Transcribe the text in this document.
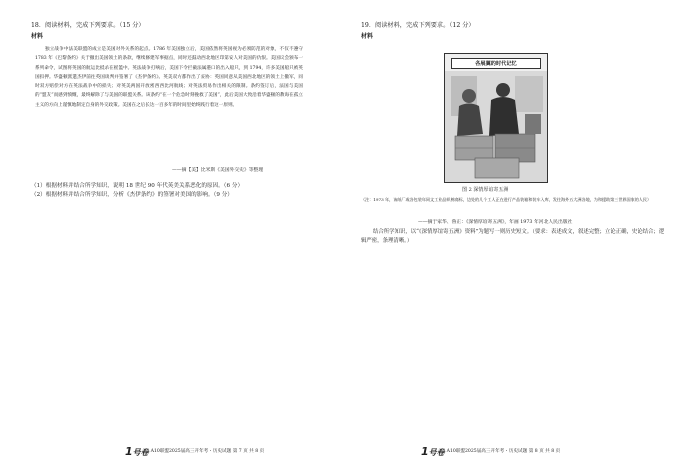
18．阅读材料，完成下列要求。（15 分）
材料

独立战争中法美联盟的成立是美国对外关系的起点。1786 年美国独立后，美国依然将英国视为必须防范的对象，不仅不遵守 1783 年《巴黎条约》关于撤出美国领土的条款，继续修建军事据点，同时还鼓动西北地区印第安人对美国的仇恨。美国议会颁布一系列命令，试图将英国的航运比抵杀在摇篮中。英法战争打响后，美国下令拦截法属港口的出入船只，到 1794，许多美国船只被英国扣押。华盛顿派遣杰伊前往英国谈判并签署了《杰伊条约》。英美双方都作出了妥协：英国同意从美国西北地区的领土上撤军，同时双方赔偿对方在英法战争中的损失；对英美两国开放密西西比河航线；对英法贸易作出相关的限制。条约签订后，法国与美国的“盟友”而感到愤慨，最终解除了与美国的联盟关系。该条约“在一个危急时刻挽救了美国”，此后美国大致沿着华盛顿的教诲在孤立主义的方向上谨慎地制定自身的外交政策。美国在之后长达一百多年的时间里始终践行着这一原则。

——摘【美】比米斯《美国外交史》等整理
（1）根据材料并结合所学知识，说明 18 世纪 90 年代英美关系恶化的原因。（6 分）
（2）根据材料并结合所学知识，分析《杰伊条约》的签署对美国的影响。（9 分）
1 号卷 A10联盟2025届高三开年考・历史试题 第 7 页 共 8 页
19．阅读材料，完成下列要求。（12 分）
材料
各展翼的时代记忆
图 2 深情厚谊寄五洲

（注：1973 年，该纸厂或各包装年同文工业品织棉商标，边处的几个工人正在进行产品装箱和装车入库，发往海外五大洲各地，为和援助第三世界国家的人民）

——摘于家华、鲁正：《深情厚谊寄五洲》，年画 1973 年河北人民出版社

结合所学知识，以“《深情厚谊寄五洲》资料”为题写一则历史短文。（要求：表述成文，叙述完整；立论正确，史论结合；逻辑严密，条理清晰。）

1 号卷 A10联盟2025届高三开年考・历史试题 第 8 页 共 8 页
